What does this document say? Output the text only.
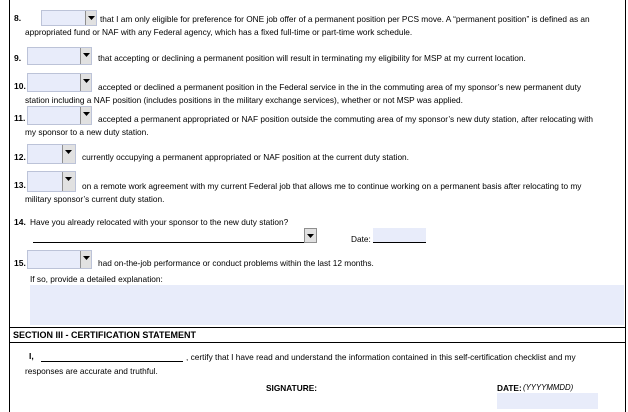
8.	that I am only eligible for preference for ONE job offer of a permanent position per PCS move. A “permanent position” is defined as an
appropriated fund or NAF with any Federal agency, which has a fixed full-time or part-time work schedule.
9.	that accepting or declining a permanent position will result in terminating my eligibility for MSP at my current location.
10.	accepted or declined a permanent position in the Federal service in the in the commuting area of my sponsor’s new permanent duty
station including a NAF position (includes positions in the military exchange services), whether or not MSP was applied.
11.	accepted a permanent appropriated or NAF position outside the commuting area of my sponsor’s new duty station, after relocating with
my sponsor to a new duty station.
12.	currently occupying a permanent appropriated or NAF position at the current duty station.
13.	on a remote work agreement with my current Federal job that allows me to continue working on a permanent basis after relocating to my
military sponsor’s current duty station.
14. Have you already relocated with your sponsor to the new duty station?
Date:
15.	had on-the-job performance or conduct problems within the last 12 months.
If so, provide a detailed explanation:
SECTION III - CERTIFICATION STATEMENT
I,	, certify that I have read and understand the information contained in this self-certification checklist and my
responses are accurate and truthful.
SIGNATURE:	DATE: (YYYYMMDD)
